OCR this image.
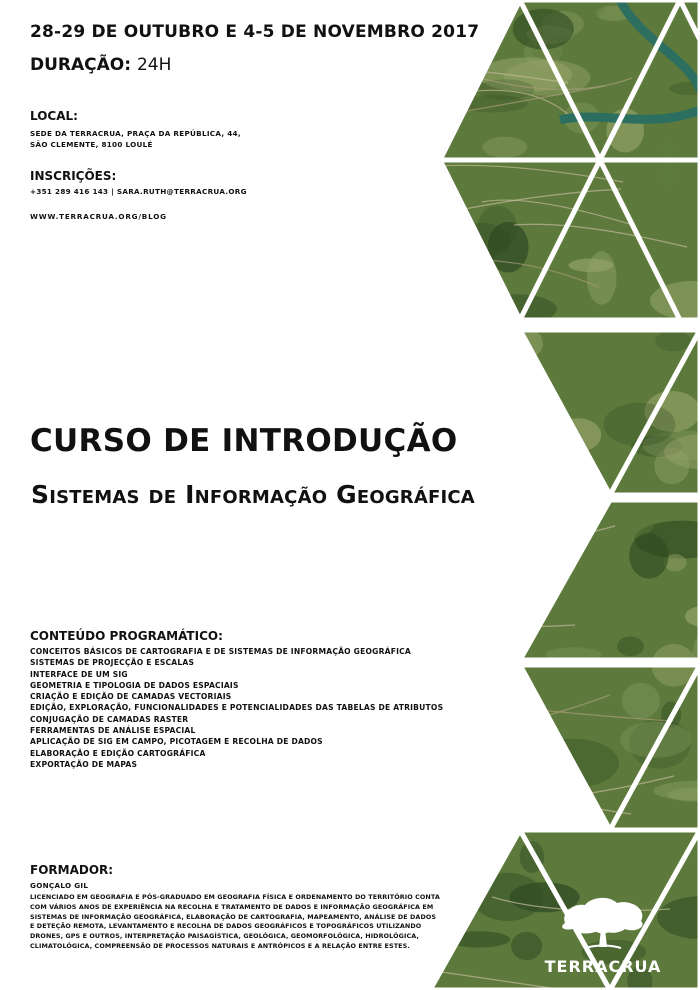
28-29 DE OUTUBRO E 4-5 DE NOVEMBRO 2017
DURAÇÃO: 24H
LOCAL:
SEDE DA TERRACRUA, PRAÇA DA REPÚBLICA, 44,
SÃO CLEMENTE, 8100 LOULÉ
INSCRIÇÕES:
+351 289 416 143 | SARA.RUTH@TERRACRUA.ORG
WWW.TERRACRUA.ORG/BLOG
CURSO DE INTRODUÇÃO
Sistemas de Informação Geográfica
CONTEÚDO PROGRAMÁTICO:
CONCEITOS BÁSICOS DE CARTOGRAFIA E DE SISTEMAS DE INFORMAÇÃO GEOGRÁFICA
SISTEMAS DE PROJECÇÃO E ESCALAS
INTERFACE DE UM SIG
GEOMETRIA E TIPOLOGIA DE DADOS ESPACIAIS
CRIAÇÃO E EDIÇÃO DE CAMADAS VECTORIAIS
EDIÇÃO, EXPLORAÇÃO, FUNCIONALIDADES E POTENCIALIDADES DAS TABELAS DE ATRIBUTOS
CONJUGAÇÃO DE CAMADAS RASTER
FERRAMENTAS DE ANÁLISE ESPACIAL
APLICAÇÃO DE SIG EM CAMPO, PICOTAGEM E RECOLHA DE DADOS
ELABORAÇÃO E EDIÇÃO CARTOGRÁFICA
EXPORTAÇÃO DE MAPAS
FORMADOR:
GONÇALO GIL
LICENCIADO EM GEOGRAFIA E PÓS-GRADUADO EM GEOGRAFIA FÍSICA E ORDENAMENTO DO TERRITÓRIO CONTA COM VÁRIOS ANOS DE EXPERIÊNCIA NA RECOLHA E TRATAMENTO DE DADOS E INFORMAÇÃO GEOGRÁFICA EM SISTEMAS DE INFORMAÇÃO GEOGRÁFICA, ELABORAÇÃO DE CARTOGRAFIA, MAPEAMENTO, ANÁLISE DE DADOS E DETEÇÃO REMOTA, LEVANTAMENTO E RECOLHA DE DADOS GEOGRÁFICOS E TOPOGRÁFICOS UTILIZANDO DRONES, GPS E OUTROS, INTERPRETAÇÃO PAISAGÍSTICA, GEOLÓGICA, GEOMORFOLÓGICA, HIDROLÓGICA, CLIMATOLÓGICA, COMPREENSÃO DE PROCESSOS NATURAIS E ANTRÓPICOS E A RELAÇÃO ENTRE ESTES.
TERRACRUA
